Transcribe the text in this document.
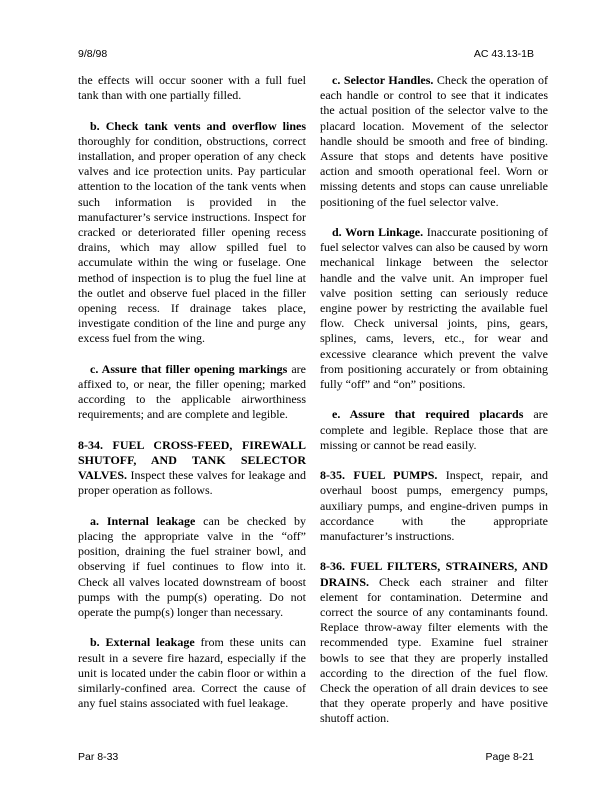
9/8/98	AC 43.13-1B

the effects will occur sooner with a full fuel tank than with one partially filled.

b. Check tank vents and overflow lines thoroughly for condition, obstructions, correct installation, and proper operation of any check valves and ice protection units. Pay particular attention to the location of the tank vents when such information is provided in the manufacturer’s service instructions. Inspect for cracked or deteriorated filler opening recess drains, which may allow spilled fuel to accumulate within the wing or fuselage. One method of inspection is to plug the fuel line at the outlet and observe fuel placed in the filler opening recess. If drainage takes place, investigate condition of the line and purge any excess fuel from the wing.

c. Assure that filler opening markings are affixed to, or near, the filler opening; marked according to the applicable airworthiness requirements; and are complete and legible.

8-34. FUEL CROSS-FEED, FIREWALL SHUTOFF, AND TANK SELECTOR VALVES. Inspect these valves for leakage and proper operation as follows.

a. Internal leakage can be checked by placing the appropriate valve in the “off” position, draining the fuel strainer bowl, and observing if fuel continues to flow into it. Check all valves located downstream of boost pumps with the pump(s) operating. Do not operate the pump(s) longer than necessary.

b. External leakage from these units can result in a severe fire hazard, especially if the unit is located under the cabin floor or within a similarly-confined area. Correct the cause of any fuel stains associated with fuel leakage.

c. Selector Handles. Check the operation of each handle or control to see that it indicates the actual position of the selector valve to the placard location. Movement of the selector handle should be smooth and free of binding. Assure that stops and detents have positive action and smooth operational feel. Worn or missing detents and stops can cause unreliable positioning of the fuel selector valve.

d. Worn Linkage. Inaccurate positioning of fuel selector valves can also be caused by worn mechanical linkage between the selector handle and the valve unit. An improper fuel valve position setting can seriously reduce engine power by restricting the available fuel flow. Check universal joints, pins, gears, splines, cams, levers, etc., for wear and excessive clearance which prevent the valve from positioning accurately or from obtaining fully “off” and “on” positions.

e. Assure that required placards are complete and legible. Replace those that are missing or cannot be read easily.

8-35. FUEL PUMPS. Inspect, repair, and overhaul boost pumps, emergency pumps, auxiliary pumps, and engine-driven pumps in accordance with the appropriate manufacturer’s instructions.

8-36. FUEL FILTERS, STRAINERS, AND DRAINS. Check each strainer and filter element for contamination. Determine and correct the source of any contaminants found. Replace throw-away filter elements with the recommended type. Examine fuel strainer bowls to see that they are properly installed according to the direction of the fuel flow. Check the operation of all drain devices to see that they operate properly and have positive shutoff action.

Par 8-33	Page 8-21
